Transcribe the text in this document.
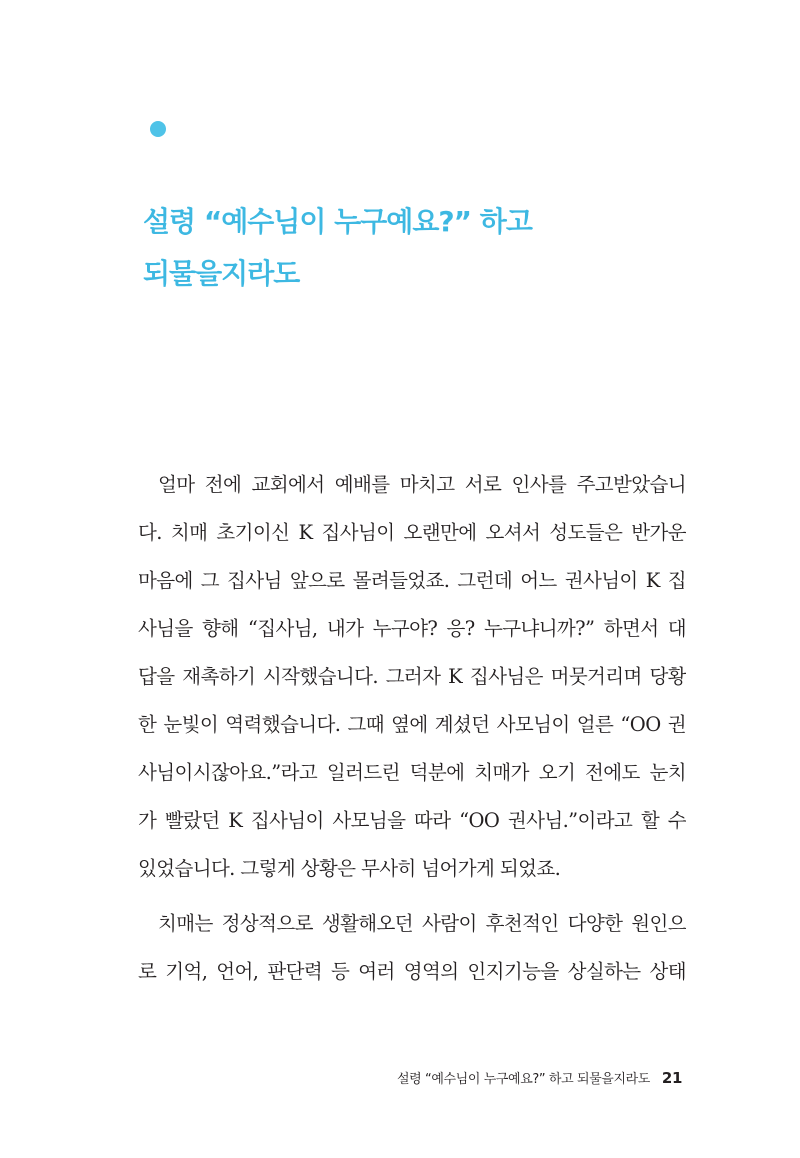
설령 “예수님이 누구예요?” 하고
되물을지라도
얼마 전에 교회에서 예배를 마치고 서로 인사를 주고받았습니
다. 치매 초기이신 K 집사님이 오랜만에 오셔서 성도들은 반가운
마음에 그 집사님 앞으로 몰려들었죠. 그런데 어느 권사님이 K 집
사님을 향해 “집사님, 내가 누구야? 응? 누구냐니까?” 하면서 대
답을 재촉하기 시작했습니다. 그러자 K 집사님은 머뭇거리며 당황
한 눈빛이 역력했습니다. 그때 옆에 계셨던 사모님이 얼른 “OO 권
사님이시잖아요.”라고 일러드린 덕분에 치매가 오기 전에도 눈치
가 빨랐던 K 집사님이 사모님을 따라 “OO 권사님.”이라고 할 수
있었습니다. 그렇게 상황은 무사히 넘어가게 되었죠.
치매는 정상적으로 생활해오던 사람이 후천적인 다양한 원인으
로 기억, 언어, 판단력 등 여러 영역의 인지기능을 상실하는 상태
설령 “예수님이 누구예요?” 하고 되물을지라도 21
